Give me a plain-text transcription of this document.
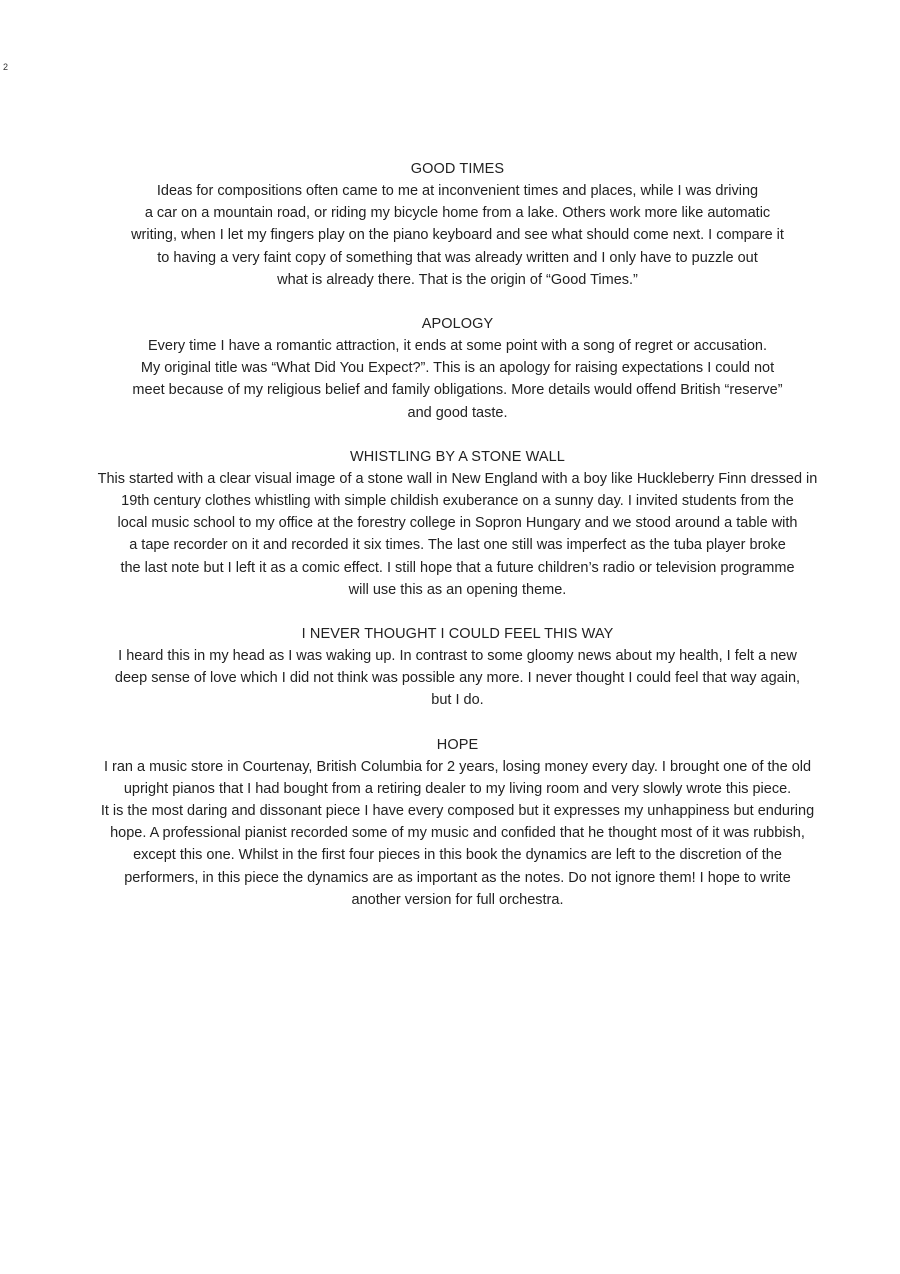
2
GOOD TIMES

Ideas for compositions often came to me at inconvenient times and places, while I was driving
a car on a mountain road, or riding my bicycle home from a lake. Others work more like automatic
writing, when I let my fingers play on the piano keyboard and see what should come next. I compare it
to having a very faint copy of something that was already written and I only have to puzzle out
what is already there. That is the origin of “Good Times.”

APOLOGY

Every time I have a romantic attraction, it ends at some point with a song of regret or accusation.
My original title was “What Did You Expect?”. This is an apology for raising expectations I could not
meet because of my religious belief and family obligations. More details would offend British “reserve”
and good taste.

WHISTLING BY A STONE WALL

This started with a clear visual image of a stone wall in New England with a boy like Huckleberry Finn dressed in
19th century clothes whistling with simple childish exuberance on a sunny day. I invited students from the
local music school to my office at the forestry college in Sopron Hungary and we stood around a table with
a tape recorder on it and recorded it six times. The last one still was imperfect as the tuba player broke
the last note but I left it as a comic effect. I still hope that a future children’s radio or television programme
will use this as an opening theme.

I NEVER THOUGHT I COULD FEEL THIS WAY

I heard this in my head as I was waking up. In contrast to some gloomy news about my health, I felt a new
deep sense of love which I did not think was possible any more. I never thought I could feel that way again,
but I do.

HOPE

I ran a music store in Courtenay, British Columbia for 2 years, losing money every day. I brought one of the old
upright pianos that I had bought from a retiring dealer to my living room and very slowly wrote this piece.
It is the most daring and dissonant piece I have every composed but it expresses my unhappiness but enduring
hope. A professional pianist recorded some of my music and confided that he thought most of it was rubbish,
except this one. Whilst in the first four pieces in this book the dynamics are left to the discretion of the
performers, in this piece the dynamics are as important as the notes. Do not ignore them! I hope to write
another version for full orchestra.
